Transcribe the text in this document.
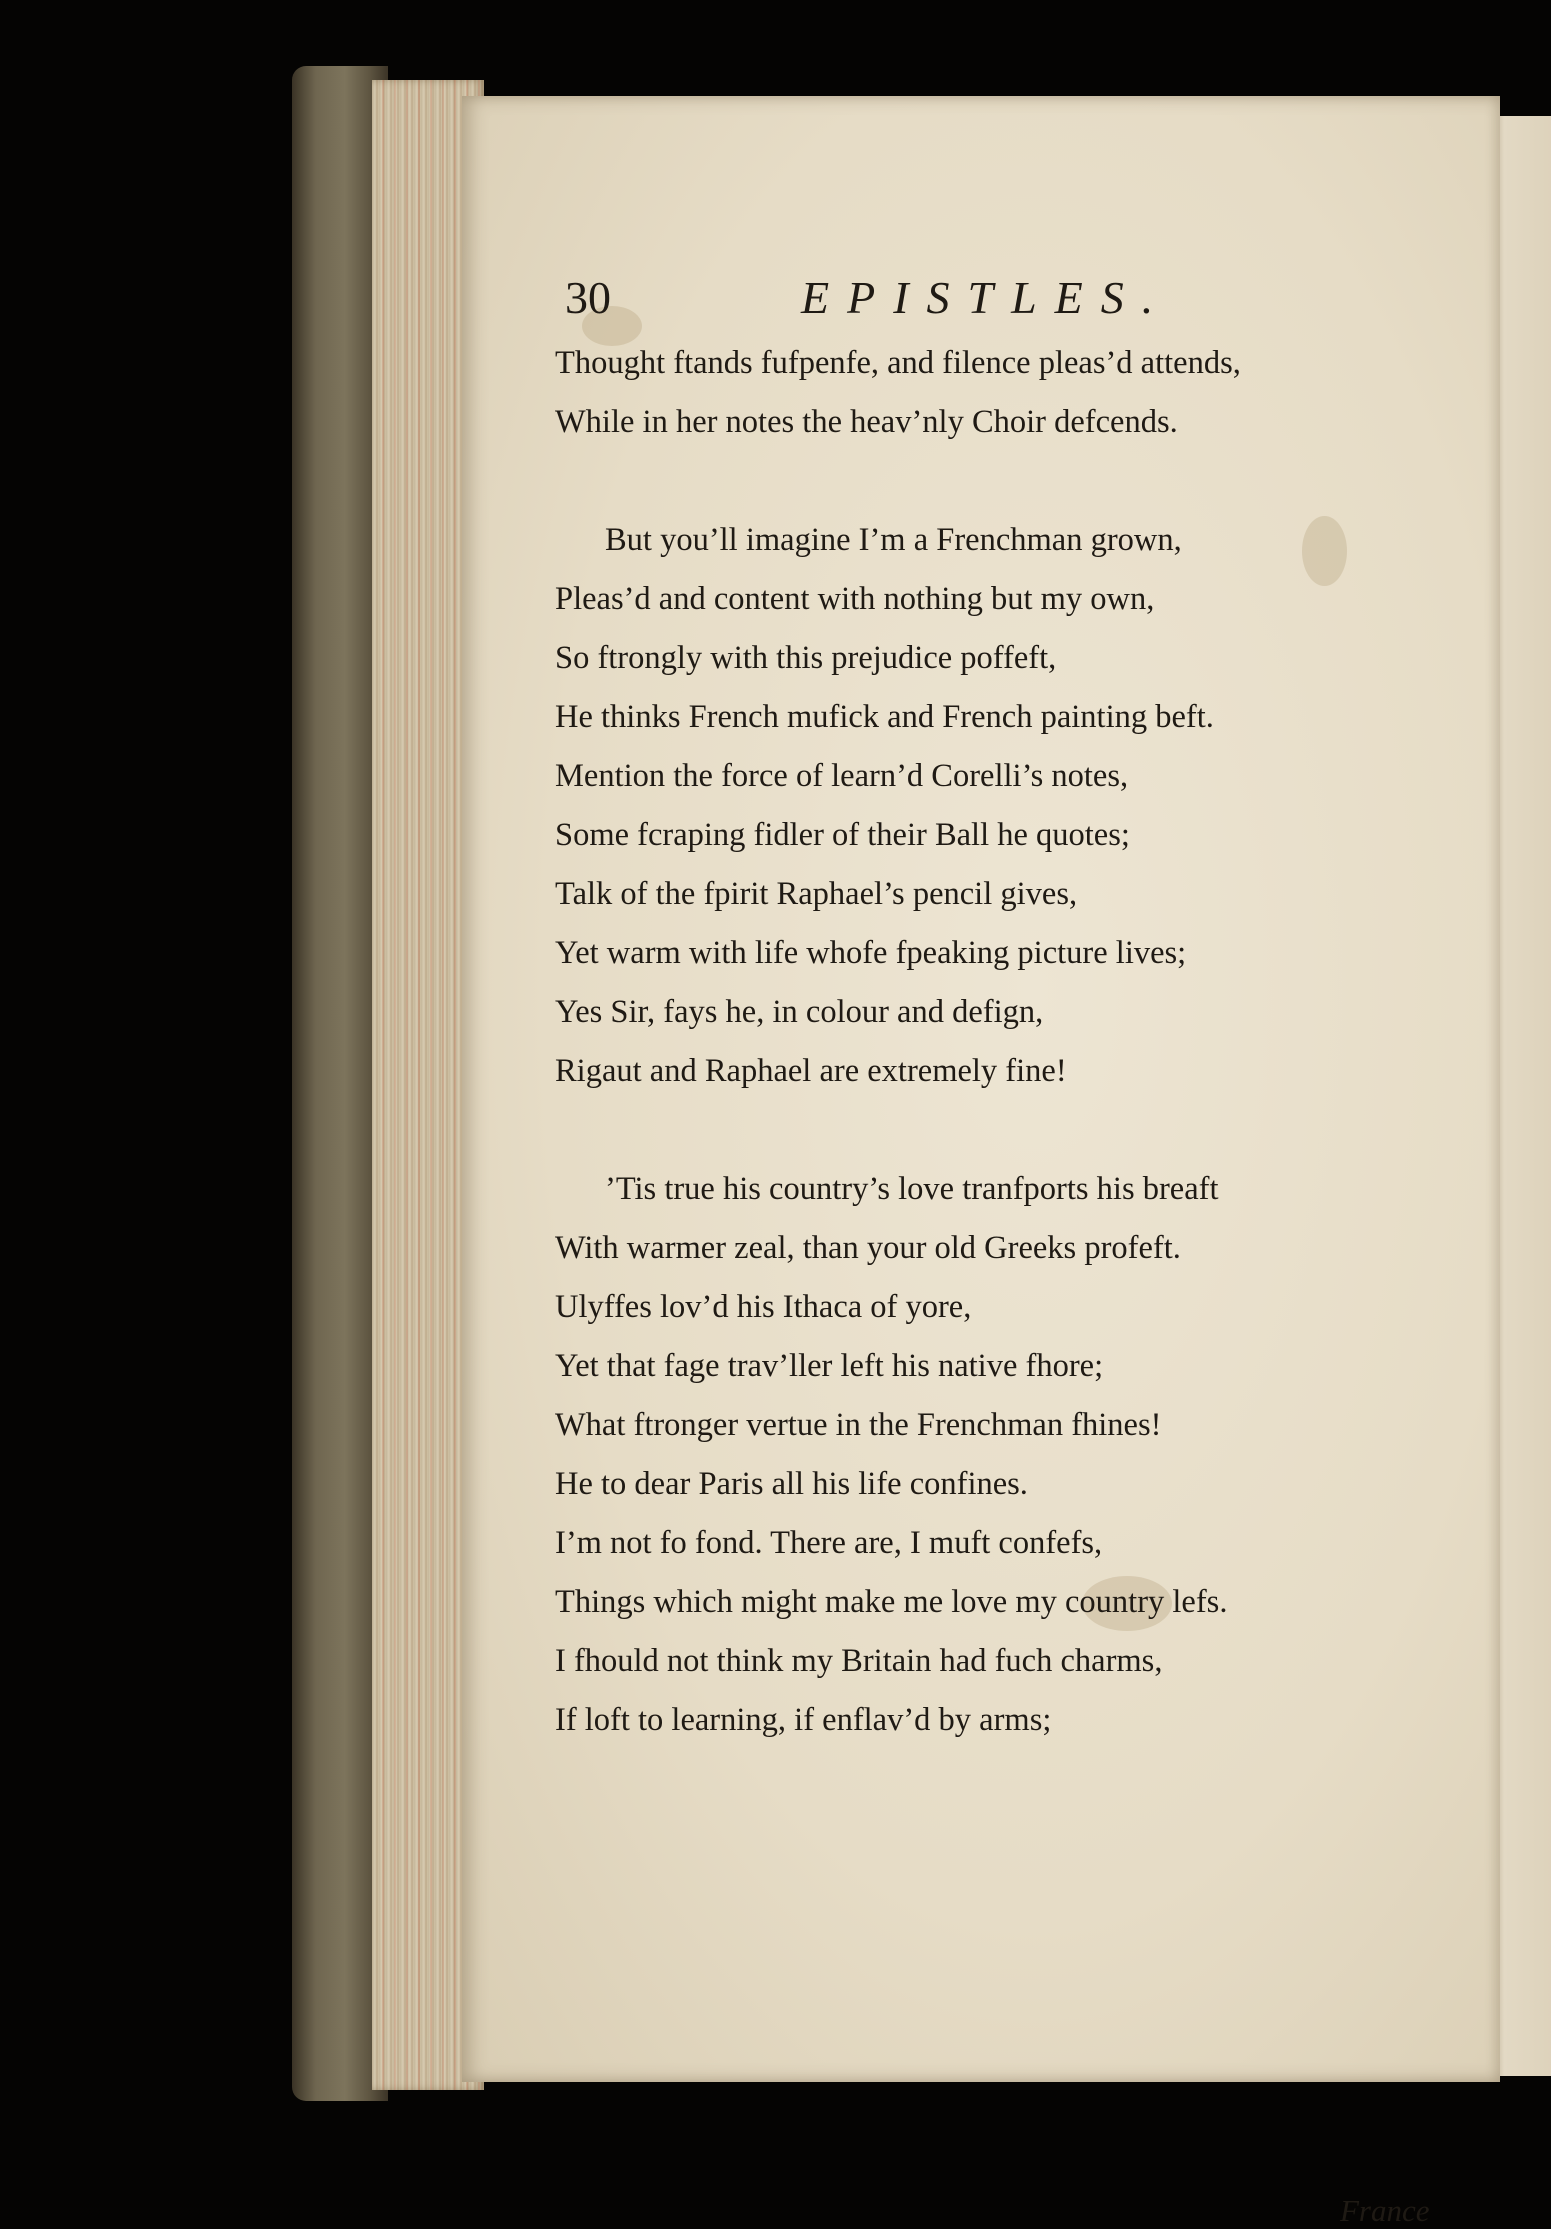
30	EPISTLES.
Thought ftands fufpenfe, and filence pleas’d attends,
While in her notes the heav’nly Choir defcends.
But you’ll imagine I’m a Frenchman grown,
Pleas’d and content with nothing but my own,
So ftrongly with this prejudice poffeft,
He thinks French mufick and French painting beft.
Mention the force of learn’d Corelli’s notes,
Some fcraping fidler of their Ball he quotes;
Talk of the fpirit Raphael’s pencil gives,
Yet warm with life whofe fpeaking picture lives;
Yes Sir, fays he, in colour and defign,
Rigaut and Raphael are extremely fine!
’Tis true his country’s love tranfports his breaft
With warmer zeal, than your old Greeks profeft.
Ulyffes lov’d his Ithaca of yore,
Yet that fage trav’ller left his native fhore;
What ftronger vertue in the Frenchman fhines!
He to dear Paris all his life confines.
I’m not fo fond. There are, I muft confefs,
Things which might make me love my country lefs.
I fhould not think my Britain had fuch charms,
If loft to learning, if enflav’d by arms;
France
